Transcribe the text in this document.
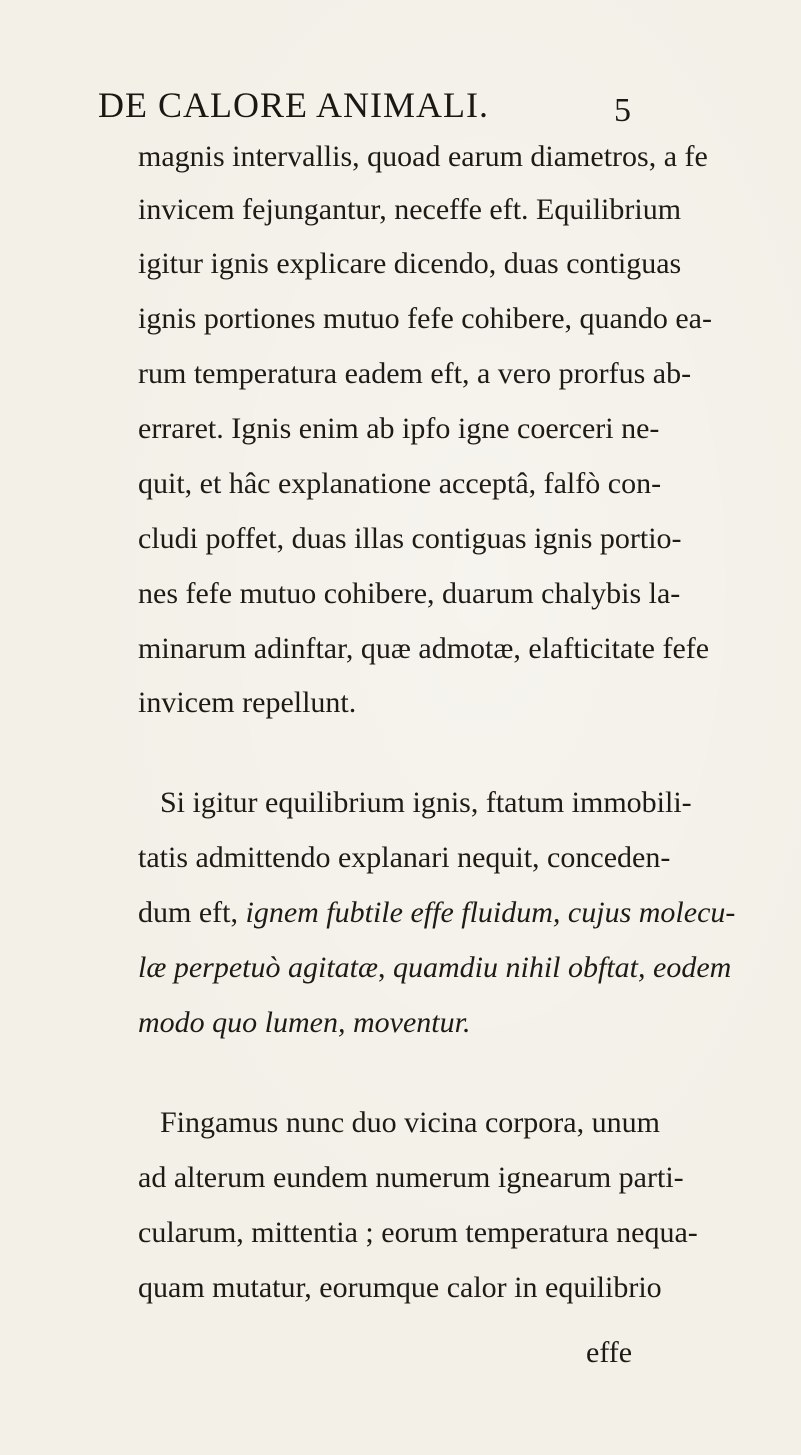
DE CALORE ANIMALI.	5
magnis intervallis, quoad earum diametros, a fe
invicem fejungantur, neceffe eft. Equilibrium
igitur ignis explicare dicendo, duas contiguas
ignis portiones mutuo fefe cohibere, quando ea-
rum temperatura eadem eft, a vero prorfus ab-
erraret. Ignis enim ab ipfo igne coerceri ne-
quit, et hâc explanatione acceptâ, falfò con-
cludi poffet, duas illas contiguas ignis portio-
nes fefe mutuo cohibere, duarum chalybis la-
minarum adinftar, quæ admotæ, elafticitate fefe
invicem repellunt.
Si igitur equilibrium ignis, ftatum immobili-
tatis admittendo explanari nequit, conceden-
dum eft, ignem fubtile effe fluidum, cujus molecu-
læ perpetuò agitatæ, quamdiu nihil obftat, eodem
modo quo lumen, moventur.
Fingamus nunc duo vicina corpora, unum
ad alterum eundem numerum ignearum parti-
cularum, mittentia ; eorum temperatura nequa-
quam mutatur, eorumque calor in equilibrio
effe
